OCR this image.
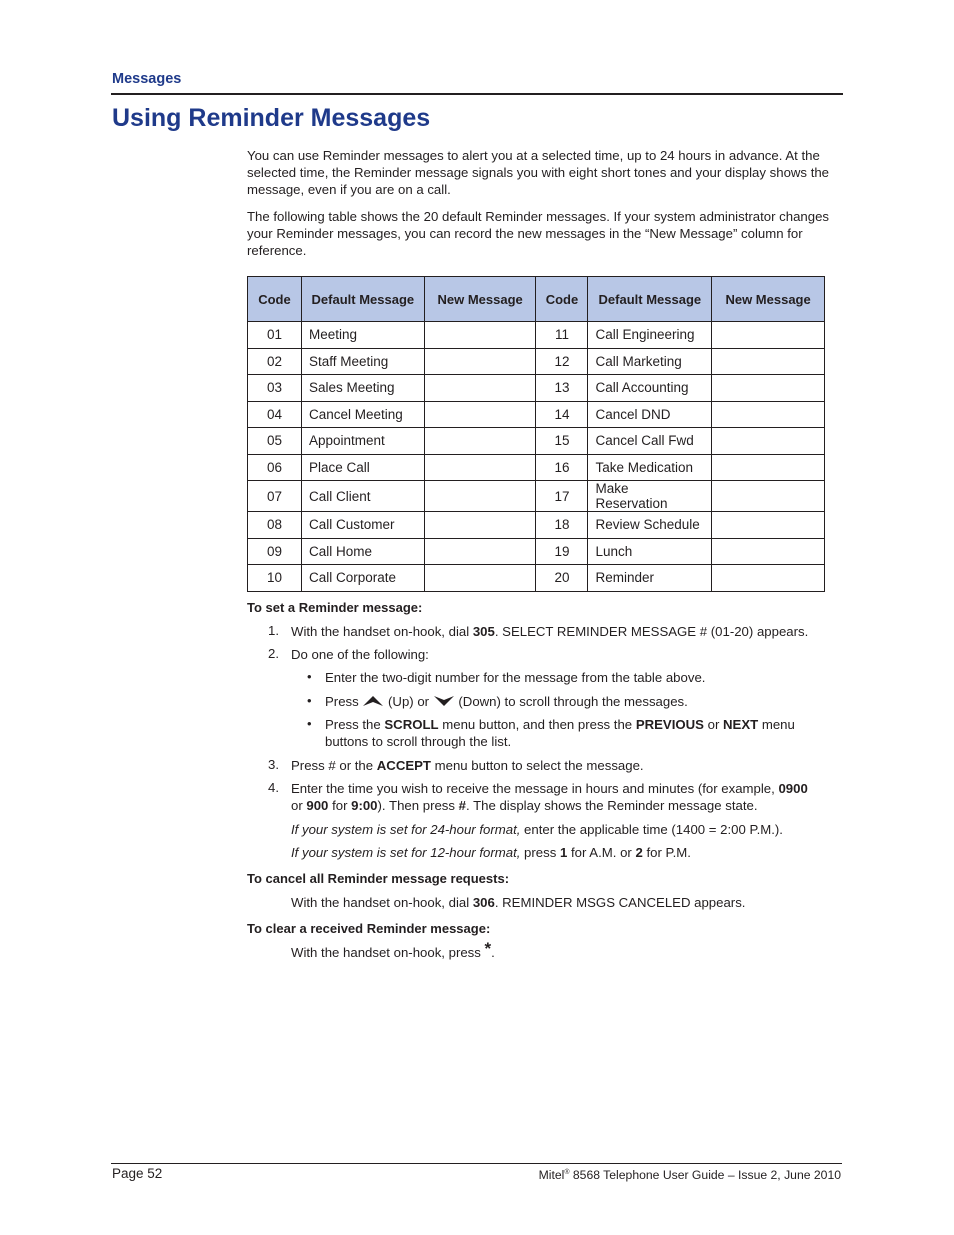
Messages
Using Reminder Messages

You can use Reminder messages to alert you at a selected time, up to 24 hours in advance. At the selected time, the Reminder message signals you with eight short tones and your display shows the message, even if you are on a call.

The following table shows the 20 default Reminder messages. If your system administrator changes your Reminder messages, you can record the new messages in the “New Message” column for reference.

Code	Default Message	New Message	Code	Default Message	New Message
01	Meeting		11	Call Engineering	
02	Staff Meeting		12	Call Marketing	
03	Sales Meeting		13	Call Accounting	
04	Cancel Meeting		14	Cancel DND	
05	Appointment		15	Cancel Call Fwd	
06	Place Call		16	Take Medication	
07	Call Client		17	Make Reservation	
08	Call Customer		18	Review Schedule	
09	Call Home		19	Lunch	
10	Call Corporate		20	Reminder	
To set a Reminder message:
1. With the handset on-hook, dial 305. SELECT REMINDER MESSAGE # (01-20) appears.
2. Do one of the following:
• Enter the two-digit number for the message from the table above.
• Press  (Up) or  (Down) to scroll through the messages.
• Press the SCROLL menu button, and then press the PREVIOUS or NEXT menu
buttons to scroll through the list.
3. Press # or the ACCEPT menu button to select the message.
4. Enter the time you wish to receive the message in hours and minutes (for example, 0900
or 900 for 9:00). Then press #. The display shows the Reminder message state.
If your system is set for 24-hour format, enter the applicable time (1400 = 2:00 P.M.).
If your system is set for 12-hour format, press 1 for A.M. or 2 for P.M.
To cancel all Reminder message requests:
With the handset on-hook, dial 306. REMINDER MSGS CANCELED appears.
To clear a received Reminder message:
With the handset on-hook, press *.
Page 52	Mitel® 8568 Telephone User Guide – Issue 2, June 2010
